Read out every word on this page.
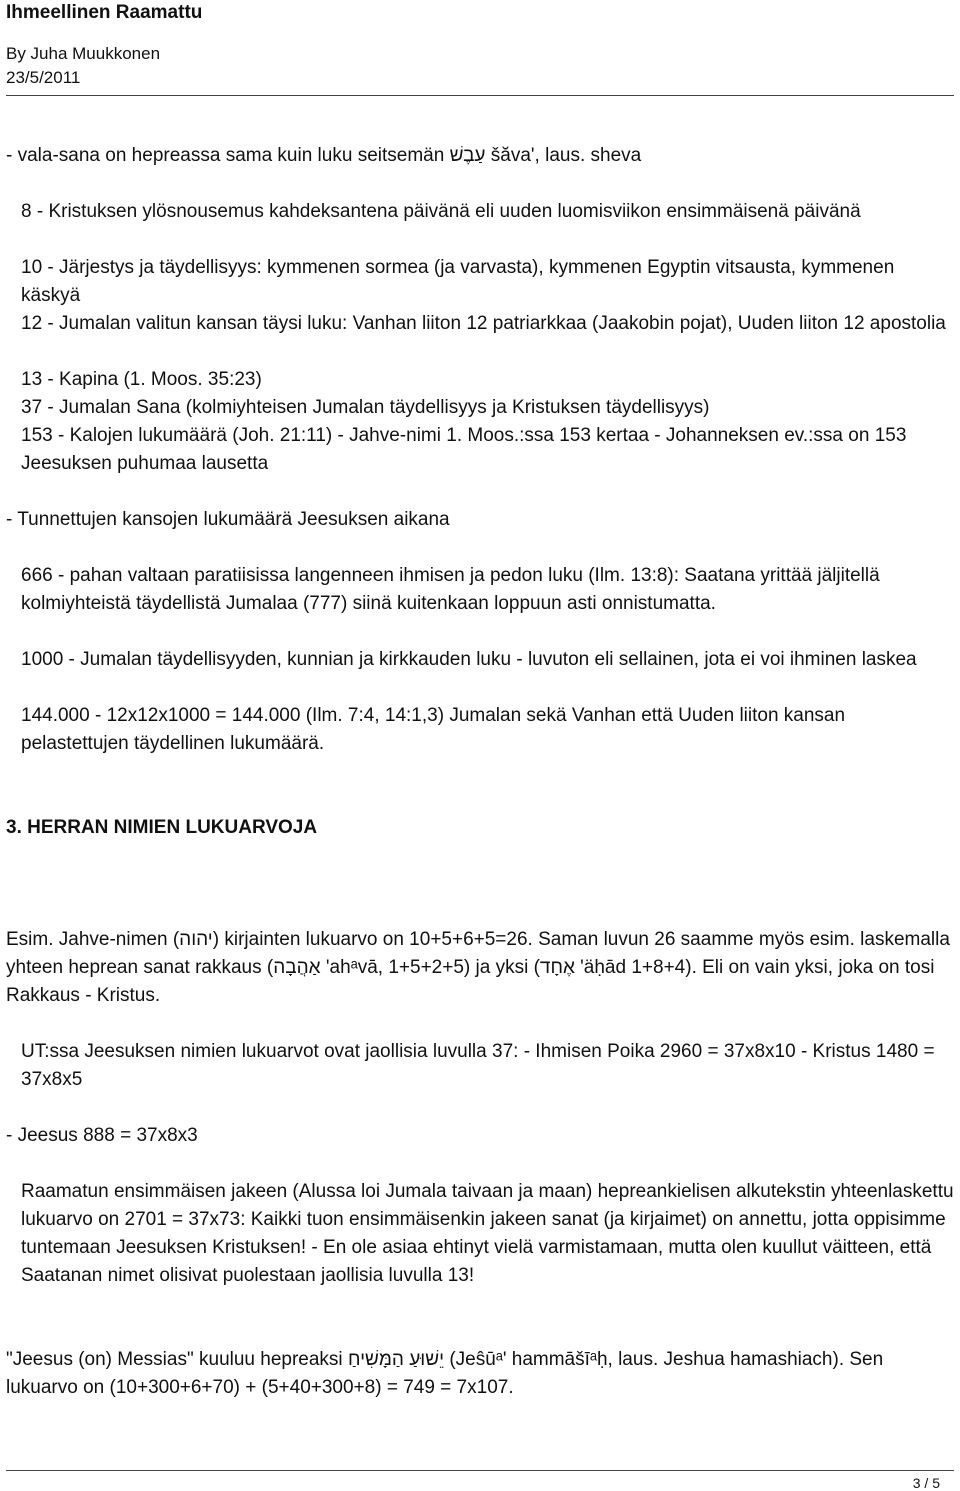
Ihmeellinen Raamattu
By Juha Muukkonen
23/5/2011
- vala-sana on hepreassa sama kuin luku seitsemän עַבֶשׁ šăva', laus. sheva
8 - Kristuksen ylösnousemus kahdeksantena päivänä eli uuden luomisviikon ensimmäisenä päivänä
10 - Järjestys ja täydellisyys: kymmenen sormea (ja varvasta), kymmenen Egyptin vitsausta, kymmenen käskyä
12 - Jumalan valitun kansan täysi luku: Vanhan liiton 12 patriarkkaa (Jaakobin pojat), Uuden liiton 12 apostolia
13 - Kapina (1. Moos. 35:23)
37 - Jumalan Sana (kolmiyhteisen Jumalan täydellisyys ja Kristuksen täydellisyys)
153 - Kalojen lukumäärä (Joh. 21:11) - Jahve-nimi 1. Moos.:ssa 153 kertaa - Johanneksen ev.:ssa on 153 Jeesuksen puhumaa lausetta
- Tunnettujen kansojen lukumäärä Jeesuksen aikana
666 - pahan valtaan paratiisissa langenneen ihmisen ja pedon luku (Ilm. 13:8): Saatana yrittää jäljitellä kolmiyhteistä täydellistä Jumalaa (777) siinä kuitenkaan loppuun asti onnistumatta.
1000 - Jumalan täydellisyyden, kunnian ja kirkkauden luku - luvuton eli sellainen, jota ei voi ihminen laskea
144.000 - 12x12x1000 = 144.000 (Ilm. 7:4, 14:1,3) Jumalan sekä Vanhan että Uuden liiton kansan pelastettujen täydellinen lukumäärä.
3. HERRAN NIMIEN LUKUARVOJA
Esim. Jahve-nimen (יהוה) kirjainten lukuarvo on 10+5+6+5=26. Saman luvun 26 saamme myös esim. laskemalla yhteen heprean sanat rakkaus (אַהֲבָה 'ahᵃvā, 1+5+2+5) ja yksi (אֶחָד 'äḥād 1+8+4). Eli on vain yksi, joka on tosi Rakkaus - Kristus.
UT:ssa Jeesuksen nimien lukuarvot ovat jaollisia luvulla 37: - Ihmisen Poika 2960 = 37x8x10 - Kristus 1480 = 37x8x5
- Jeesus 888 = 37x8x3
Raamatun ensimmäisen jakeen (Alussa loi Jumala taivaan ja maan) hepreankielisen alkutekstin yhteenlaskettu lukuarvo on 2701 = 37x73: Kaikki tuon ensimmäisenkin jakeen sanat (ja kirjaimet) on annettu, jotta oppisimme tuntemaan Jeesuksen Kristuksen! - En ole asiaa ehtinyt vielä varmistamaan, mutta olen kuullut väitteen, että Saatanan nimet olisivat puolestaan jaollisia luvulla 13!
"Jeesus (on) Messias" kuuluu hepreaksi יֵשׁוּעַ הַמָּשִׁיחַ (Jeŝūᵃ' hammāšīᵃḥ, laus. Jeshua hamashiach). Sen lukuarvo on (10+300+6+70) + (5+40+300+8) = 749 = 7x107.
3 / 5
